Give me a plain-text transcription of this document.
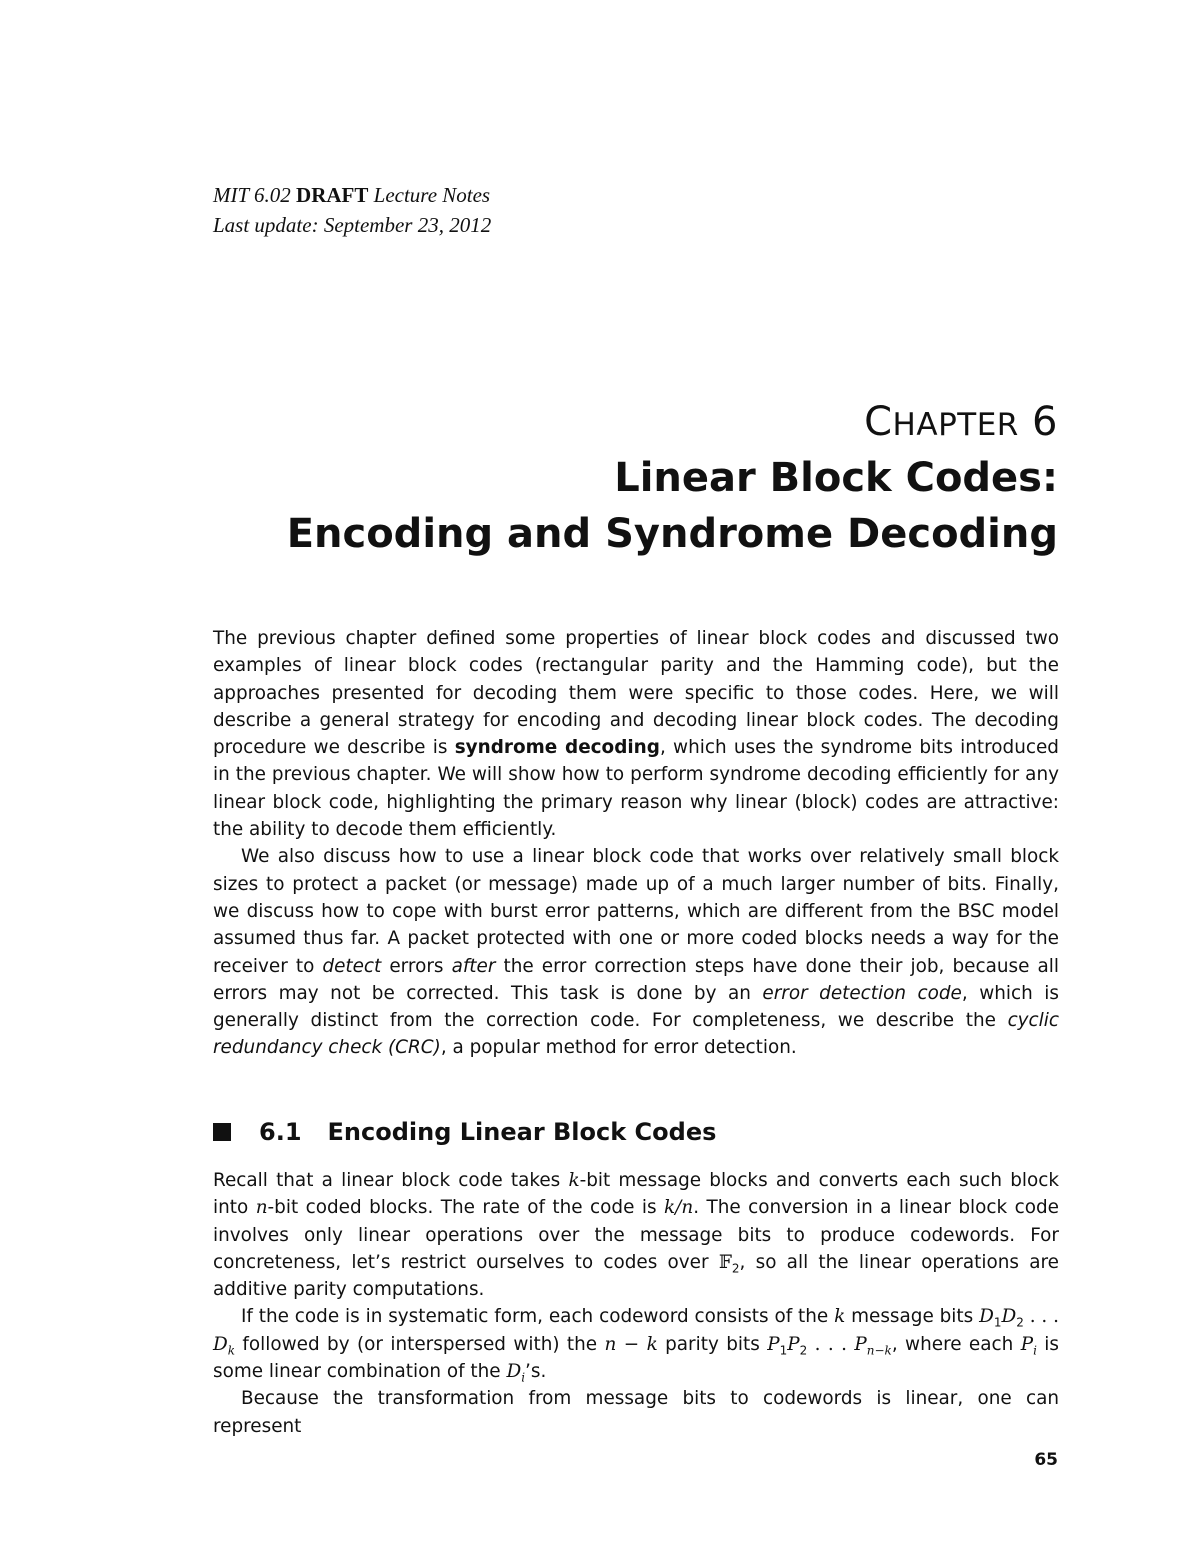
MIT 6.02 DRAFT Lecture Notes
Last update: September 23, 2012
CHAPTER 6
Linear Block Codes:
Encoding and Syndrome Decoding

The previous chapter defined some properties of linear block codes and discussed two examples of linear block codes (rectangular parity and the Hamming code), but the approaches presented for decoding them were specific to those codes. Here, we will describe a general strategy for encoding and decoding linear block codes. The decoding procedure we describe is syndrome decoding, which uses the syndrome bits introduced in the previous chapter. We will show how to perform syndrome decoding efficiently for any linear block code, highlighting the primary reason why linear (block) codes are attractive: the ability to decode them efficiently.

We also discuss how to use a linear block code that works over relatively small block sizes to protect a packet (or message) made up of a much larger number of bits. Finally, we discuss how to cope with burst error patterns, which are different from the BSC model assumed thus far. A packet protected with one or more coded blocks needs a way for the receiver to detect errors after the error correction steps have done their job, because all errors may not be corrected. This task is done by an error detection code, which is generally distinct from the correction code. For completeness, we describe the cyclic redundancy check (CRC), a popular method for error detection.

6.1 Encoding Linear Block Codes

Recall that a linear block code takes k-bit message blocks and converts each such block into n-bit coded blocks. The rate of the code is k/n. The conversion in a linear block code involves only linear operations over the message bits to produce codewords. For concreteness, let’s restrict ourselves to codes over 𝔽$_2$, so all the linear operations are additive parity computations.

If the code is in systematic form, each codeword consists of the k message bits $D_1D_2$ . . . $D_k$ followed by (or interspersed with) the n − k parity bits $P_1P_2$ . . . $P_{n-k}$, where each $P_i$ is some linear combination of the $D_i’s$.

Because the transformation from message bits to codewords is linear, one can represent

65
